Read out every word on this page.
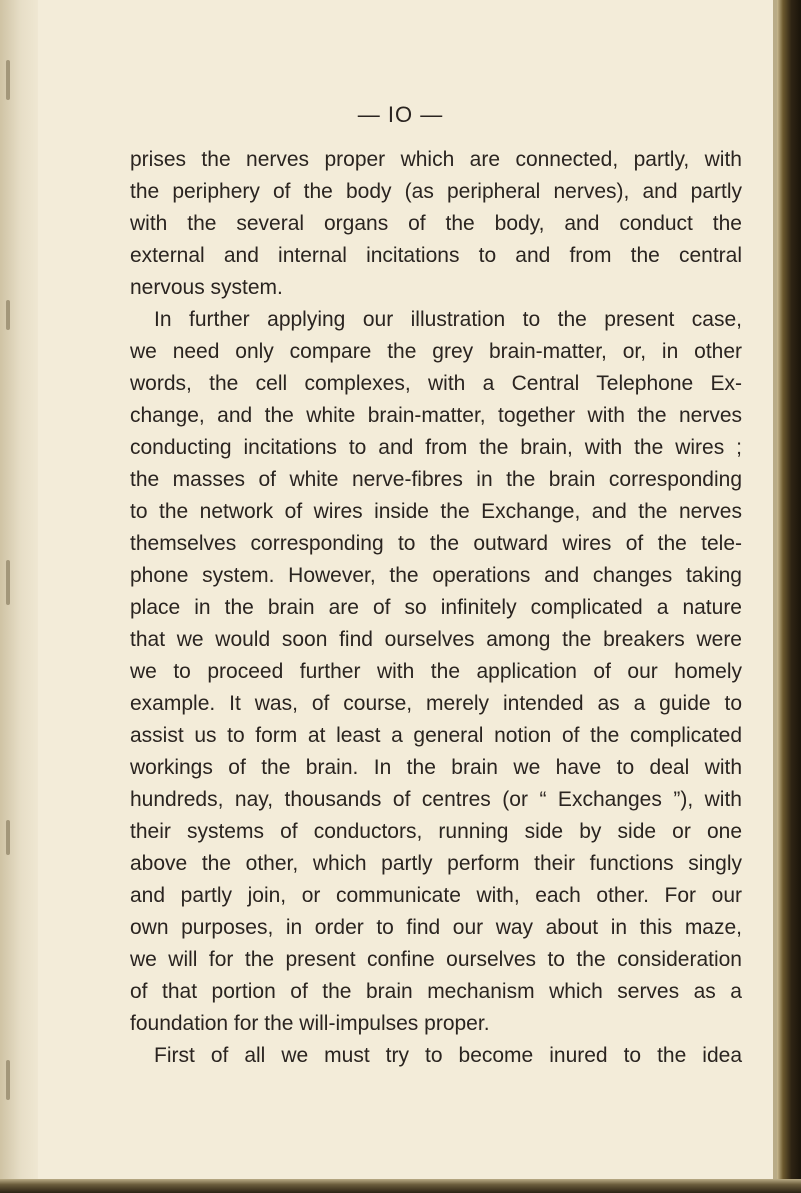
— IO —
prises the nerves proper which are connected, partly, with
the periphery of the body (as peripheral nerves), and partly
with the several organs of the body, and conduct the
external and internal incitations to and from the central
nervous system.
In further applying our illustration to the present case,
we need only compare the grey brain-matter, or, in other
words, the cell complexes, with a Central Telephone Ex-
change, and the white brain-matter, together with the nerves
conducting incitations to and from the brain, with the wires ;
the masses of white nerve-fibres in the brain corresponding
to the network of wires inside the Exchange, and the nerves
themselves corresponding to the outward wires of the tele-
phone system. However, the operations and changes taking
place in the brain are of so infinitely complicated a nature
that we would soon find ourselves among the breakers were
we to proceed further with the application of our homely
example. It was, of course, merely intended as a guide to
assist us to form at least a general notion of the complicated
workings of the brain. In the brain we have to deal with
hundreds, nay, thousands of centres (or “ Exchanges ”), with
their systems of conductors, running side by side or one
above the other, which partly perform their functions singly
and partly join, or communicate with, each other. For our
own purposes, in order to find our way about in this maze,
we will for the present confine ourselves to the consideration
of that portion of the brain mechanism which serves as a
foundation for the will-impulses proper.
First of all we must try to become inured to the idea
